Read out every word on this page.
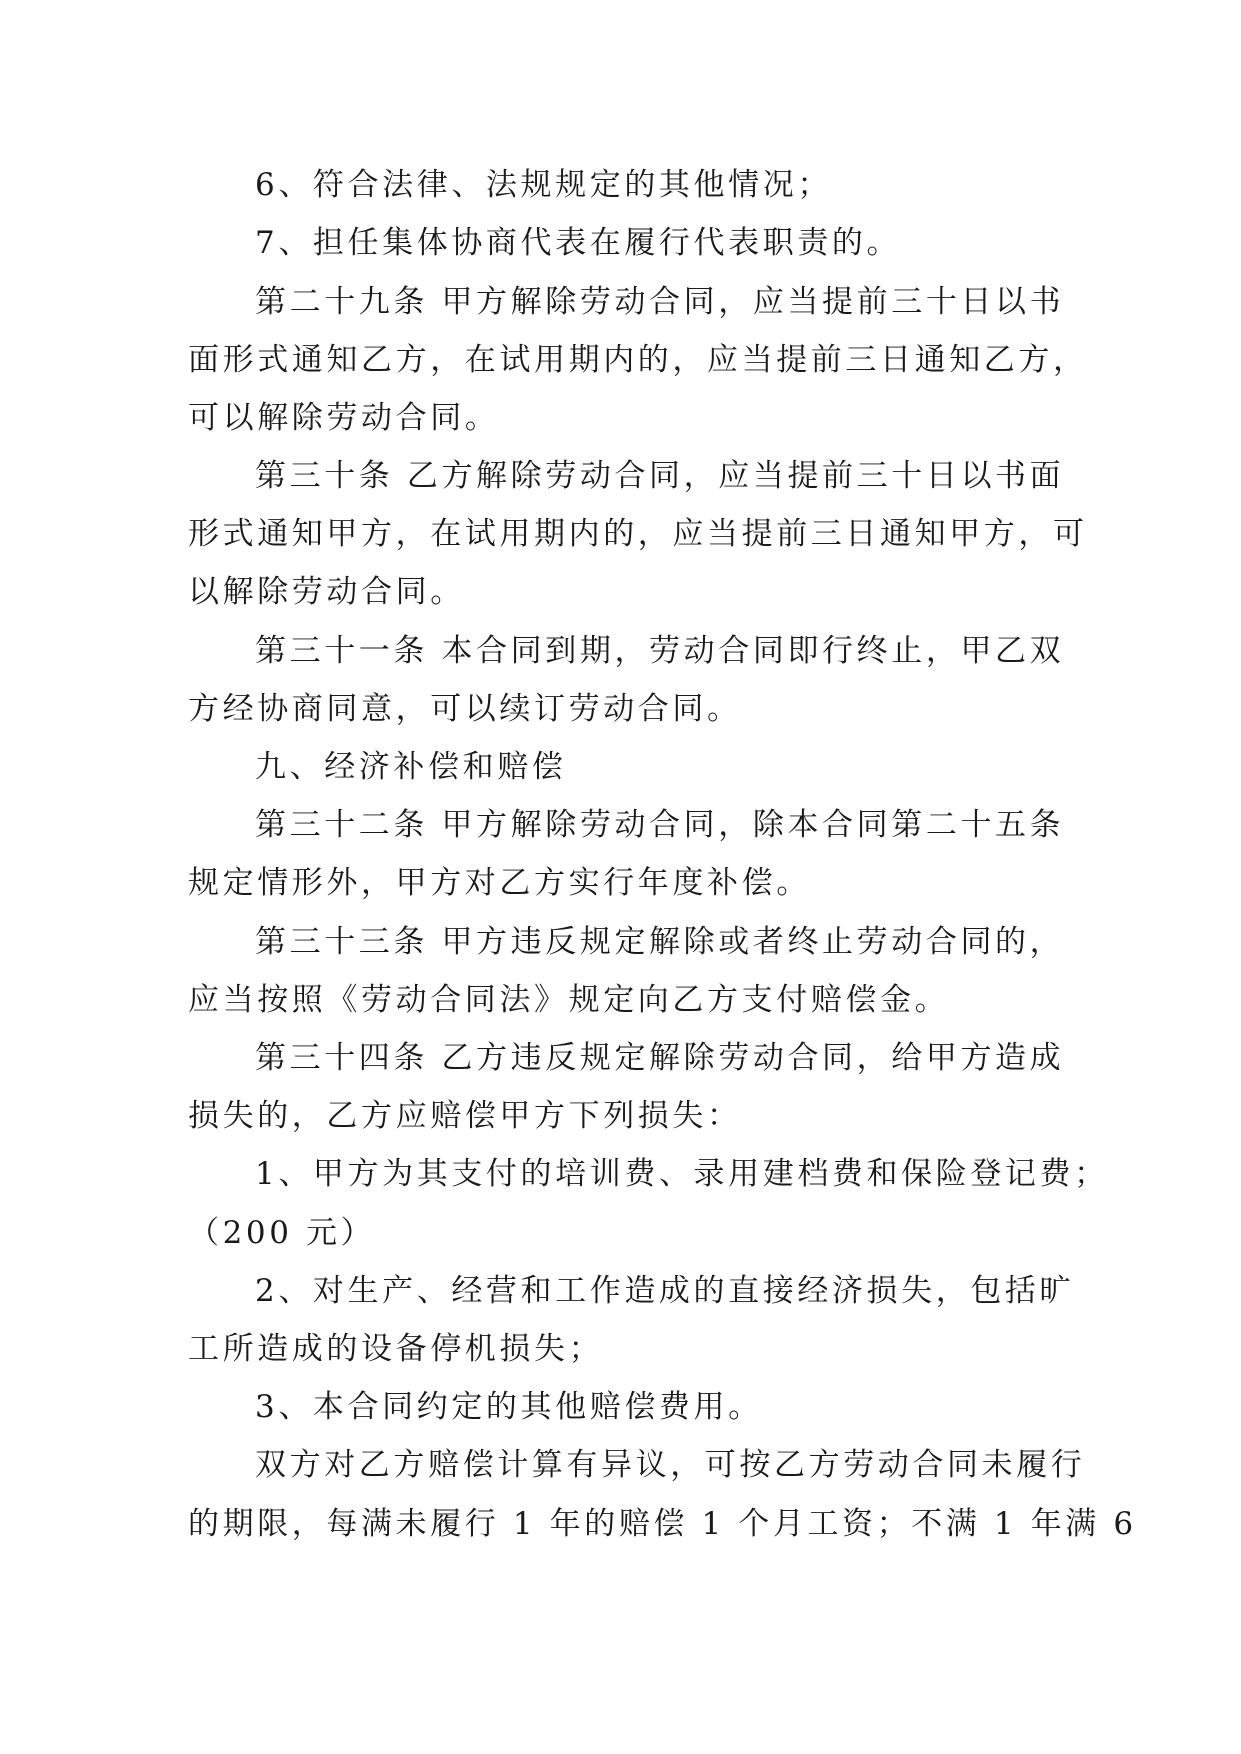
6、符合法律、法规规定的其他情况；
7、担任集体协商代表在履行代表职责的。
第二十九条 甲方解除劳动合同，应当提前三十日以书
面形式通知乙方，在试用期内的，应当提前三日通知乙方，
可以解除劳动合同。
第三十条 乙方解除劳动合同，应当提前三十日以书面
形式通知甲方，在试用期内的，应当提前三日通知甲方，可
以解除劳动合同。
第三十一条 本合同到期，劳动合同即行终止，甲乙双
方经协商同意，可以续订劳动合同。
九、经济补偿和赔偿
第三十二条 甲方解除劳动合同，除本合同第二十五条
规定情形外，甲方对乙方实行年度补偿。
第三十三条 甲方违反规定解除或者终止劳动合同的，
应当按照《劳动合同法》规定向乙方支付赔偿金。
第三十四条 乙方违反规定解除劳动合同，给甲方造成
损失的，乙方应赔偿甲方下列损失：
1、甲方为其支付的培训费、录用建档费和保险登记费；
（200 元）
2、对生产、经营和工作造成的直接经济损失，包括旷
工所造成的设备停机损失；
3、本合同约定的其他赔偿费用。
双方对乙方赔偿计算有异议，可按乙方劳动合同未履行
的期限，每满未履行 1 年的赔偿 1 个月工资；不满 1 年满 6
